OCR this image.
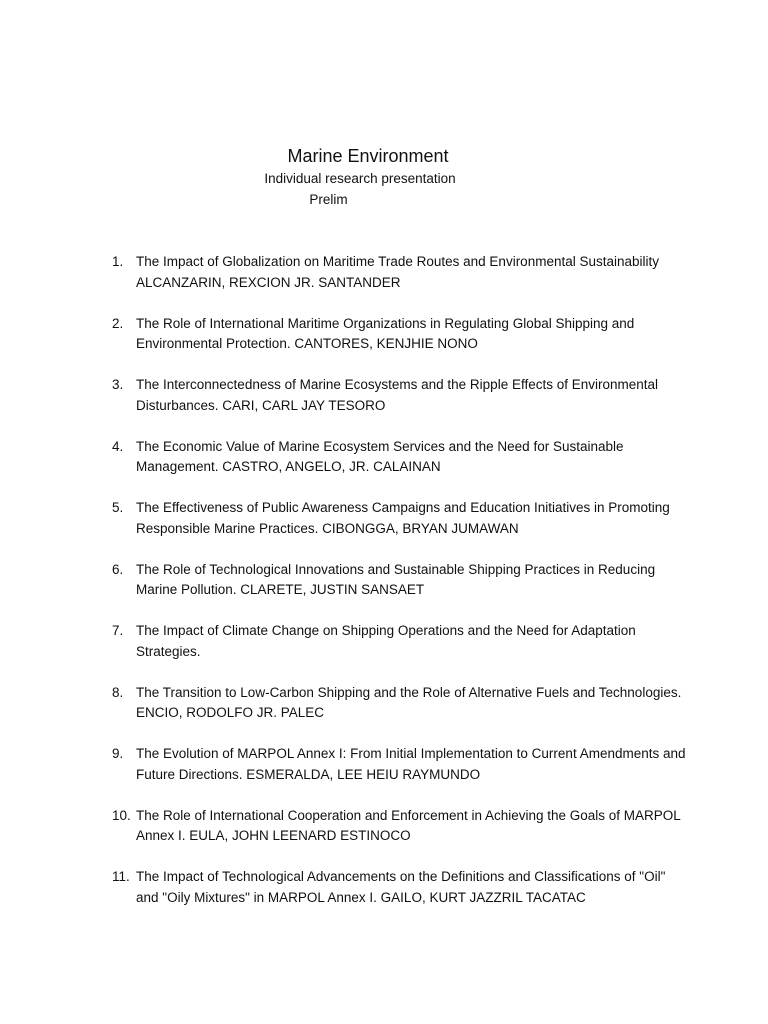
Marine Environment
Individual research presentation
Prelim
1. The Impact of Globalization on Maritime Trade Routes and Environmental Sustainability ALCANZARIN, REXCION JR. SANTANDER
2. The Role of International Maritime Organizations in Regulating Global Shipping and Environmental Protection. CANTORES, KENJHIE NONO
3. The Interconnectedness of Marine Ecosystems and the Ripple Effects of Environmental Disturbances. CARI, CARL JAY TESORO
4. The Economic Value of Marine Ecosystem Services and the Need for Sustainable Management. CASTRO, ANGELO, JR. CALAINAN
5. The Effectiveness of Public Awareness Campaigns and Education Initiatives in Promoting Responsible Marine Practices. CIBONGGA, BRYAN JUMAWAN
6. The Role of Technological Innovations and Sustainable Shipping Practices in Reducing Marine Pollution. CLARETE, JUSTIN SANSAET
7. The Impact of Climate Change on Shipping Operations and the Need for Adaptation Strategies.
8. The Transition to Low-Carbon Shipping and the Role of Alternative Fuels and Technologies. ENCIO, RODOLFO JR. PALEC
9. The Evolution of MARPOL Annex I: From Initial Implementation to Current Amendments and Future Directions. ESMERALDA, LEE HEIU RAYMUNDO
10. The Role of International Cooperation and Enforcement in Achieving the Goals of MARPOL Annex I. EULA, JOHN LEENARD ESTINOCO
11. The Impact of Technological Advancements on the Definitions and Classifications of "Oil" and "Oily Mixtures" in MARPOL Annex I. GAILO, KURT JAZZRIL TACATAC
